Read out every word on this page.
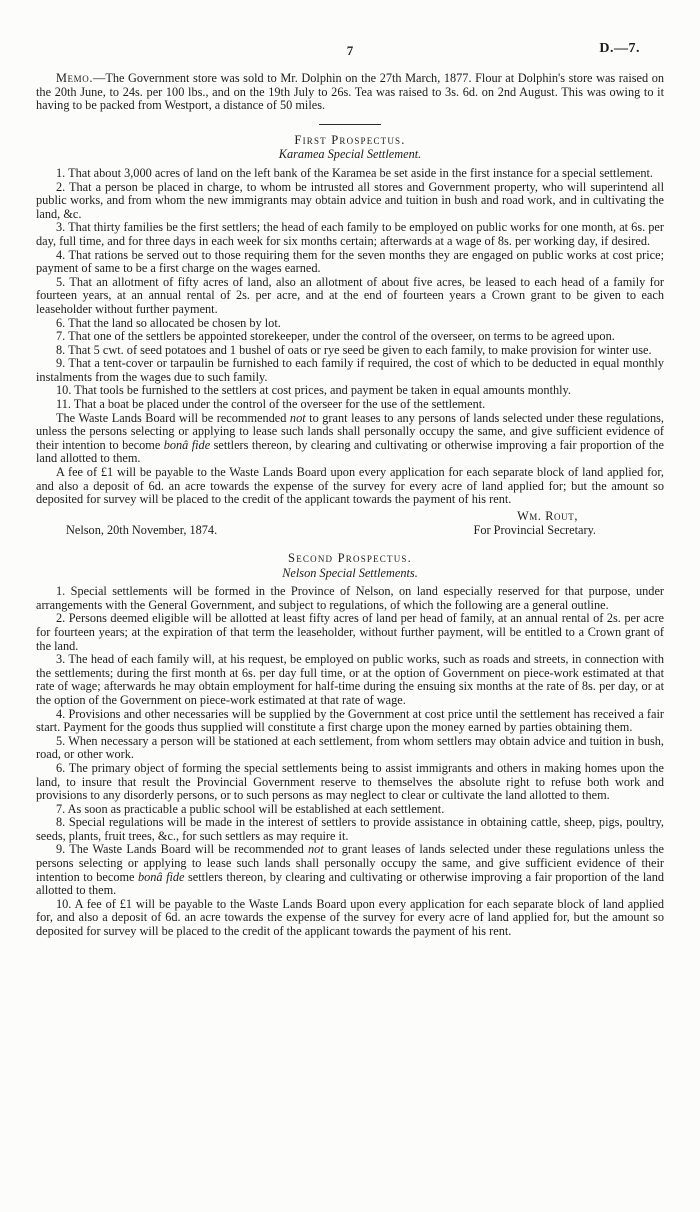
7	D.—7.

Memo.—The Government store was sold to Mr. Dolphin on the 27th March, 1877. Flour at Dolphin's store was raised on the 20th June, to 24s. per 100 lbs., and on the 19th July to 26s. Tea was raised to 3s. 6d. on 2nd August. This was owing to it having to be packed from Westport, a distance of 50 miles.

First Prospectus.
Karamea Special Settlement.

1. That about 3,000 acres of land on the left bank of the Karamea be set aside in the first instance for a special settlement.

2. That a person be placed in charge, to whom be intrusted all stores and Government property, who will superintend all public works, and from whom the new immigrants may obtain advice and tuition in bush and road work, and in cultivating the land, &c.

3. That thirty families be the first settlers; the head of each family to be employed on public works for one month, at 6s. per day, full time, and for three days in each week for six months certain; afterwards at a wage of 8s. per working day, if desired.

4. That rations be served out to those requiring them for the seven months they are engaged on public works at cost price; payment of same to be a first charge on the wages earned.

5. That an allotment of fifty acres of land, also an allotment of about five acres, be leased to each head of a family for fourteen years, at an annual rental of 2s. per acre, and at the end of fourteen years a Crown grant to be given to each leaseholder without further payment.

6. That the land so allocated be chosen by lot.

7. That one of the settlers be appointed storekeeper, under the control of the overseer, on terms to be agreed upon.

8. That 5 cwt. of seed potatoes and 1 bushel of oats or rye seed be given to each family, to make provision for winter use.

9. That a tent-cover or tarpaulin be furnished to each family if required, the cost of which to be deducted in equal monthly instalments from the wages due to such family.

10. That tools be furnished to the settlers at cost prices, and payment be taken in equal amounts monthly.

11. That a boat be placed under the control of the overseer for the use of the settlement.

The Waste Lands Board will be recommended not to grant leases to any persons of lands selected under these regulations, unless the persons selecting or applying to lease such lands shall personally occupy the same, and give sufficient evidence of their intention to become bonâ fide settlers thereon, by clearing and cultivating or otherwise improving a fair proportion of the land allotted to them.

A fee of £1 will be payable to the Waste Lands Board upon every application for each separate block of land applied for, and also a deposit of 6d. an acre towards the expense of the survey for every acre of land applied for; but the amount so deposited for survey will be placed to the credit of the applicant towards the payment of his rent.

Wm. Rout,
Nelson, 20th November, 1874.	For Provincial Secretary.
Second Prospectus.
Nelson Special Settlements.

1. Special settlements will be formed in the Province of Nelson, on land especially reserved for that purpose, under arrangements with the General Government, and subject to regulations, of which the following are a general outline.

2. Persons deemed eligible will be allotted at least fifty acres of land per head of family, at an annual rental of 2s. per acre for fourteen years; at the expiration of that term the leaseholder, without further payment, will be entitled to a Crown grant of the land.

3. The head of each family will, at his request, be employed on public works, such as roads and streets, in connection with the settlements; during the first month at 6s. per day full time, or at the option of Government on piece-work estimated at that rate of wage; afterwards he may obtain employment for half-time during the ensuing six months at the rate of 8s. per day, or at the option of the Government on piece-work estimated at that rate of wage.

4. Provisions and other necessaries will be supplied by the Government at cost price until the settlement has received a fair start. Payment for the goods thus supplied will constitute a first charge upon the money earned by parties obtaining them.

5. When necessary a person will be stationed at each settlement, from whom settlers may obtain advice and tuition in bush, road, or other work.

6. The primary object of forming the special settlements being to assist immigrants and others in making homes upon the land, to insure that result the Provincial Government reserve to themselves the absolute right to refuse both work and provisions to any disorderly persons, or to such persons as may neglect to clear or cultivate the land allotted to them.

7. As soon as practicable a public school will be established at each settlement.

8. Special regulations will be made in the interest of settlers to provide assistance in obtaining cattle, sheep, pigs, poultry, seeds, plants, fruit trees, &c., for such settlers as may require it.

9. The Waste Lands Board will be recommended not to grant leases of lands selected under these regulations unless the persons selecting or applying to lease such lands shall personally occupy the same, and give sufficient evidence of their intention to become bonâ fide settlers thereon, by clearing and cultivating or otherwise improving a fair proportion of the land allotted to them.

10. A fee of £1 will be payable to the Waste Lands Board upon every application for each separate block of land applied for, and also a deposit of 6d. an acre towards the expense of the survey for every acre of land applied for, but the amount so deposited for survey will be placed to the credit of the applicant towards the payment of his rent.
